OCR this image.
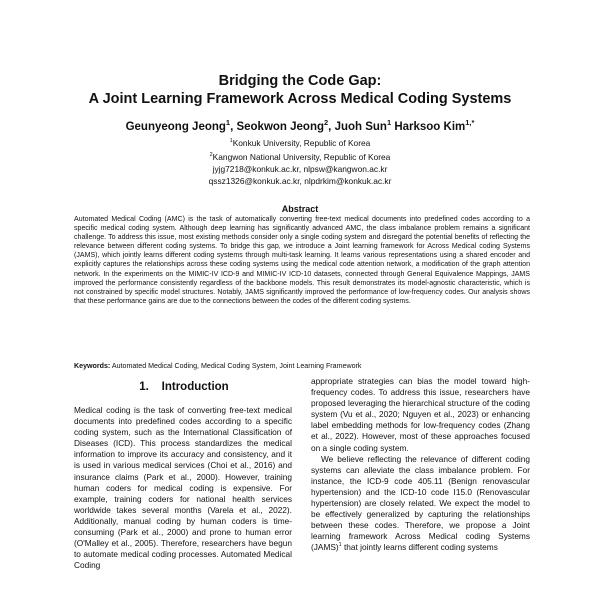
Bridging the Code Gap:
A Joint Learning Framework Across Medical Coding Systems
Geunyeong Jeong$^1$, Seokwon Jeong$^2$, Juoh Sun$^1$ Harksoo Kim$^{1,*}$
$^1$Konkuk University, Republic of Korea
$^2$Kangwon National University, Republic of Korea
jyjg7218@konkuk.ac.kr, nlpsw@kangwon.ac.kr
qssz1326@konkuk.ac.kr, nlpdrkim@konkuk.ac.kr
Abstract

Automated Medical Coding (AMC) is the task of automatically converting free-text medical documents into predefined codes according to a specific medical coding system. Although deep learning has significantly advanced AMC, the class imbalance problem remains a significant challenge. To address this issue, most existing methods consider only a single coding system and disregard the potential benefits of reflecting the relevance between different coding systems. To bridge this gap, we introduce a Joint learning framework for Across Medical coding Systems (JAMS), which jointly learns different coding systems through multi-task learning. It learns various representations using a shared encoder and explicitly captures the relationships across these coding systems using the medical code attention network, a modification of the graph attention network. In the experiments on the MIMIC-IV ICD-9 and MIMIC-IV ICD-10 datasets, connected through General Equivalence Mappings, JAMS improved the performance consistently regardless of the backbone models. This result demonstrates its model-agnostic characteristic, which is not constrained by specific model structures. Notably, JAMS significantly improved the performance of low-frequency codes. Our analysis shows that these performance gains are due to the connections between the codes of the different coding systems.

Keywords: Automated Medical Coding, Medical Coding System, Joint Learning Framework
1. Introduction

Medical coding is the task of converting free-text medical documents into predefined codes according to a specific coding system, such as the International Classification of Diseases (ICD). This process standardizes the medical information to improve its accuracy and consistency, and it is used in various medical services (Choi et al., 2016) and insurance claims (Park et al., 2000). However, training human coders for medical coding is expensive. For example, training coders for national health services worldwide takes several months (Varela et al., 2022). Additionally, manual coding by human coders is time-consuming (Park et al., 2000) and prone to human error (O'Malley et al., 2005). Therefore, researchers have begun to automate medical coding processes. Automated Medical Coding

appropriate strategies can bias the model toward high-frequency codes. To address this issue, researchers have proposed leveraging the hierarchical structure of the coding system (Vu et al., 2020; Nguyen et al., 2023) or enhancing label embedding methods for low-frequency codes (Zhang et al., 2022). However, most of these approaches focused on a single coding system.

We believe reflecting the relevance of different coding systems can alleviate the class imbalance problem. For instance, the ICD-9 code 405.11 (Benign renovascular hypertension) and the ICD-10 code I15.0 (Renovascular hypertension) are closely related. We expect the model to be effectively generalized by capturing the relationships between these codes. Therefore, we propose a Joint learning framework Across Medical coding Systems (JAMS)$^1$ that jointly learns different coding systems
